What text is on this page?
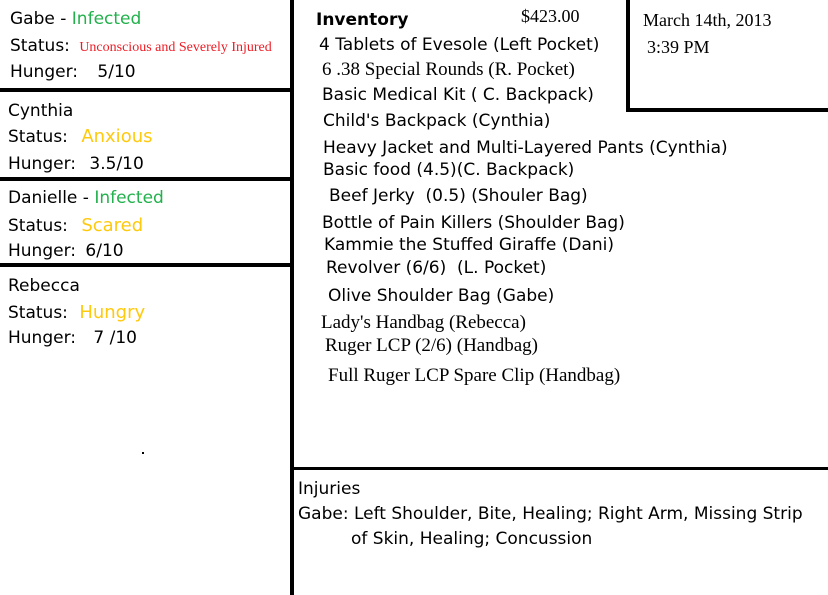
Gabe - Infected
Status: Unconscious and Severely Injured
Hunger: 5/10
Cynthia
Status: Anxious
Hunger: 3.5/10
Danielle - Infected
Status: Scared
Hunger: 6/10
Rebecca
Status: Hungry
Hunger: 7 /10
Inventory	$423.00
4 Tablets of Evesole (Left Pocket)
6 .38 Special Rounds (R. Pocket)
Basic Medical Kit ( C. Backpack)
Child's Backpack (Cynthia)
Heavy Jacket and Multi-Layered Pants (Cynthia)
Basic food (4.5)(C. Backpack)
Beef Jerky  (0.5) (Shouler Bag)
Bottle of Pain Killers (Shoulder Bag)
Kammie the Stuffed Giraffe (Dani)
Revolver (6/6)  (L. Pocket)
Olive Shoulder Bag (Gabe)
Lady's Handbag (Rebecca)
Ruger LCP (2/6) (Handbag)
Full Ruger LCP Spare Clip (Handbag)
March 14th, 2013
3:39 PM
Injuries
Gabe: Left Shoulder, Bite, Healing; Right Arm, Missing Strip
of Skin, Healing; Concussion
